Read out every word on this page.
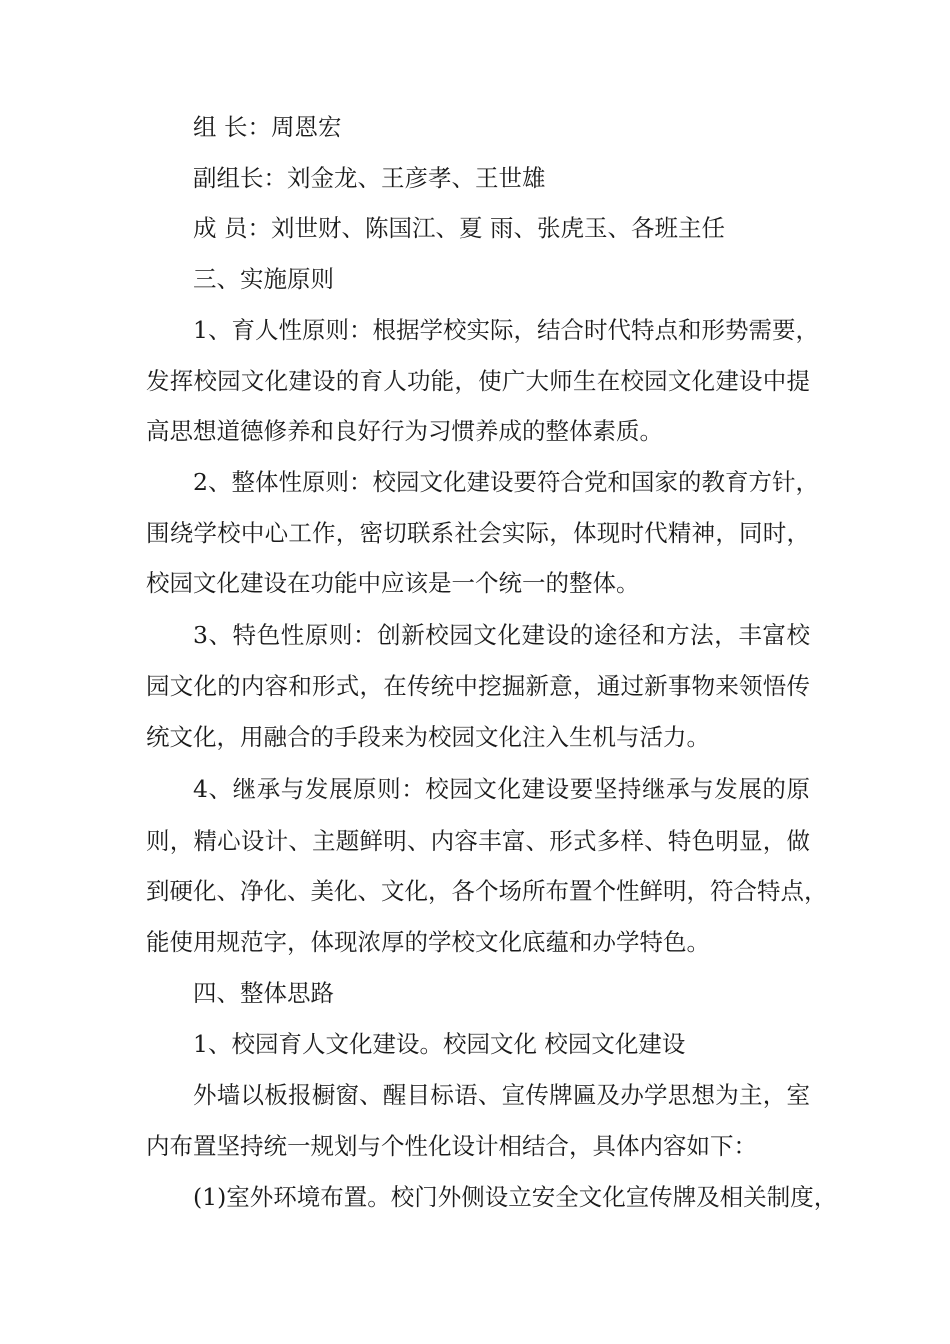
组 长：周恩宏
副组长：刘金龙、王彦孝、王世雄
成 员：刘世财、陈国江、夏 雨、张虎玉、各班主任
三、实施原则
1、育人性原则：根据学校实际，结合时代特点和形势需要，
发挥校园文化建设的育人功能，使广大师生在校园文化建设中提
高思想道德修养和良好行为习惯养成的整体素质。
2、整体性原则：校园文化建设要符合党和国家的教育方针，
围绕学校中心工作，密切联系社会实际，体现时代精神，同时，
校园文化建设在功能中应该是一个统一的整体。
3、特色性原则：创新校园文化建设的途径和方法，丰富校
园文化的内容和形式，在传统中挖掘新意，通过新事物来领悟传
统文化，用融合的手段来为校园文化注入生机与活力。
4、继承与发展原则：校园文化建设要坚持继承与发展的原
则，精心设计、主题鲜明、内容丰富、形式多样、特色明显，做
到硬化、净化、美化、文化，各个场所布置个性鲜明，符合特点，
能使用规范字，体现浓厚的学校文化底蕴和办学特色。
四、整体思路
1、校园育人文化建设。校园文化 校园文化建设
外墙以板报橱窗、醒目标语、宣传牌匾及办学思想为主，室
内布置坚持统一规划与个性化设计相结合，具体内容如下：
(1)室外环境布置。校门外侧设立安全文化宣传牌及相关制度，
